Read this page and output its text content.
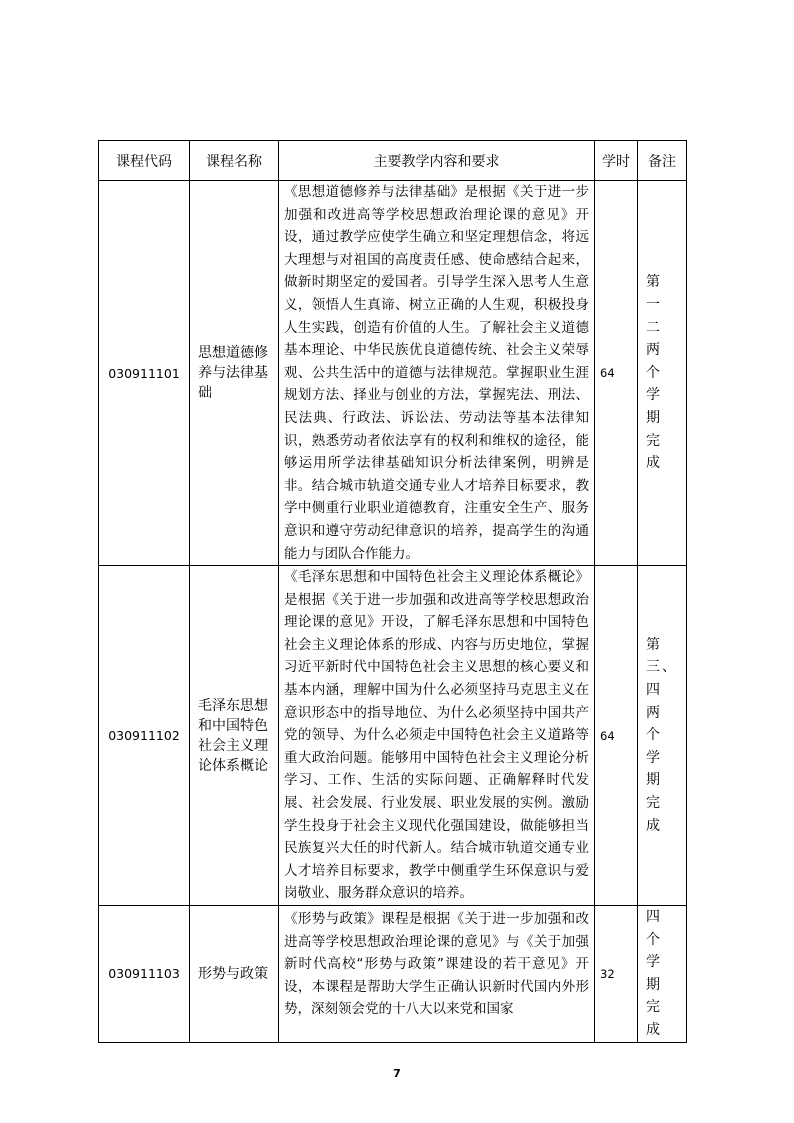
课程代码	课程名称	主要教学内容和要求	学时	备注
030911101	思想道德修养与法律基础	《思想道德修养与法律基础》是根据《关于进一步加强和改进高等学校思想政治理论课的意见》开设，通过教学应使学生确立和坚定理想信念，将远大理想与对祖国的高度责任感、使命感结合起来，做新时期坚定的爱国者。引导学生深入思考人生意义，领悟人生真谛、树立正确的人生观，积极投身人生实践，创造有价值的人生。了解社会主义道德基本理论、中华民族优良道德传统、社会主义荣辱观、公共生活中的道德与法律规范。掌握职业生涯规划方法、择业与创业的方法，掌握宪法、刑法、民法典、行政法、诉讼法、劳动法等基本法律知识，熟悉劳动者依法享有的权利和维权的途径，能够运用所学法律基础知识分析法律案例，明辨是非。结合城市轨道交通专业人才培养目标要求，教学中侧重行业职业道德教育，注重安全生产、服务意识和遵守劳动纪律意识的培养，提高学生的沟通能力与团队合作能力。	64	第一二两个学期完成
030911102	毛泽东思想和中国特色社会主义理论体系概论	《毛泽东思想和中国特色社会主义理论体系概论》是根据《关于进一步加强和改进高等学校思想政治理论课的意见》开设，了解毛泽东思想和中国特色社会主义理论体系的形成、内容与历史地位，掌握习近平新时代中国特色社会主义思想的核心要义和基本内涵，理解中国为什么必须坚持马克思主义在意识形态中的指导地位、为什么必须坚持中国共产党的领导、为什么必须走中国特色社会主义道路等重大政治问题。能够用中国特色社会主义理论分析学习、工作、生活的实际问题、正确解释时代发展、社会发展、行业发展、职业发展的实例。激励学生投身于社会主义现代化强国建设，做能够担当民族复兴大任的时代新人。结合城市轨道交通专业人才培养目标要求，教学中侧重学生环保意识与爱岗敬业、服务群众意识的培养。	64	第三、四两个学期完成
030911103	形势与政策	《形势与政策》课程是根据《关于进一步加强和改进高等学校思想政治理论课的意见》与《关于加强新时代高校“形势与政策”课建设的若干意见》开设，本课程是帮助大学生正确认识新时代国内外形势，深刻领会党的十八大以来党和国家	32	四个学期完成
7
